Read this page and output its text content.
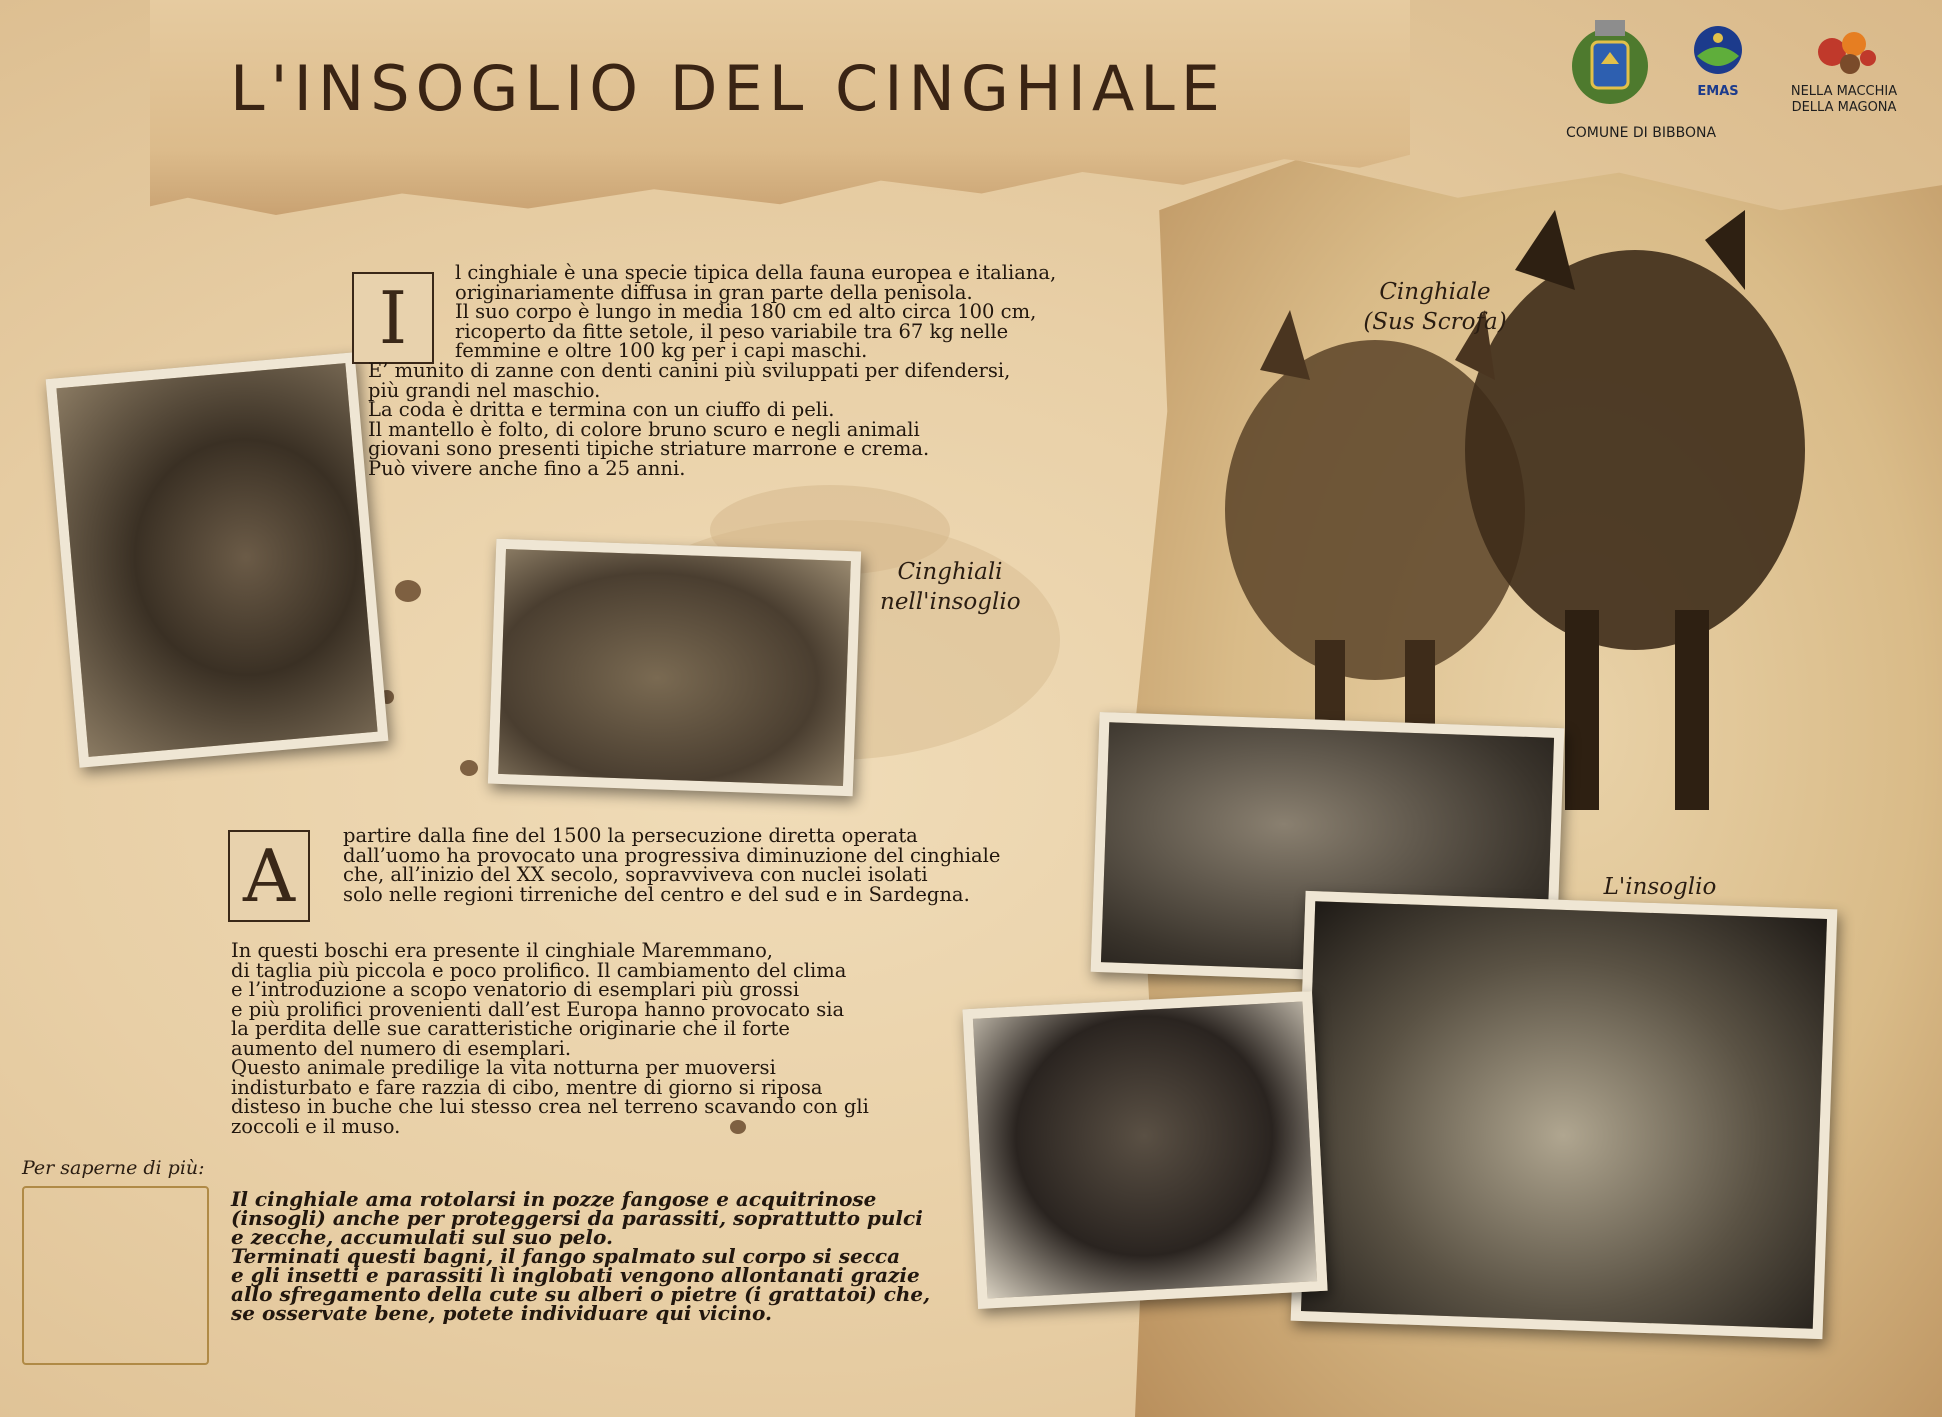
L'INSOGLIO DEL CINGHIALE	EMAS
COMUNE DI BIBBONA
NELLA MACCHIA
DELLA MAGONA
Cinghiali
nell'insoglio
I

l cinghiale è una specie tipica della fauna europea e italiana,

originariamente diffusa in gran parte della penisola.

Il suo corpo è lungo in media 180 cm ed alto circa 100 cm,

ricoperto da fitte setole, il peso variabile tra 67 kg nelle

femmine e oltre 100 kg per i capi maschi.

E’ munito di zanne con denti canini più sviluppati per difendersi,

più grandi nel maschio.

La coda è dritta e termina con un ciuffo di peli.

Il mantello è folto, di colore bruno scuro e negli animali

giovani sono presenti tipiche striature marrone e crema.

Può vivere anche fino a 25 anni.

A	partire dalla fine del 1500 la persecuzione diretta operata

dall’uomo ha provocato una progressiva diminuzione del cinghiale

che, all’inizio del XX secolo, sopravviveva con nuclei isolati

solo nelle regioni tirreniche del centro e del sud e in Sardegna.

In questi boschi era presente il cinghiale Maremmano,

di taglia più piccola e poco prolifico. Il cambiamento del clima

e l’introduzione a scopo venatorio di esemplari più grossi

e più prolifici provenienti dall’est Europa hanno provocato sia

la perdita delle sue caratteristiche originarie che il forte

aumento del numero di esemplari.

Questo animale predilige la vita notturna per muoversi

indisturbato e fare razzia di cibo, mentre di giorno si riposa

disteso in buche che lui stesso crea nel terreno scavando con gli

zoccoli e il muso.

Il cinghiale ama rotolarsi in pozze fangose e acquitrinose

(insogli) anche per proteggersi da parassiti, soprattutto pulci

e zecche, accumulati sul suo pelo.

Terminati questi bagni, il fango spalmato sul corpo si secca

e gli insetti e parassiti lì inglobati vengono allontanati grazie

allo sfregamento della cute su alberi o pietre (i grattatoi) che,

se osservate bene, potete individuare qui vicino.

Per saperne di più:
Cinghiale
(Sus Scrofa)
L'insoglio
